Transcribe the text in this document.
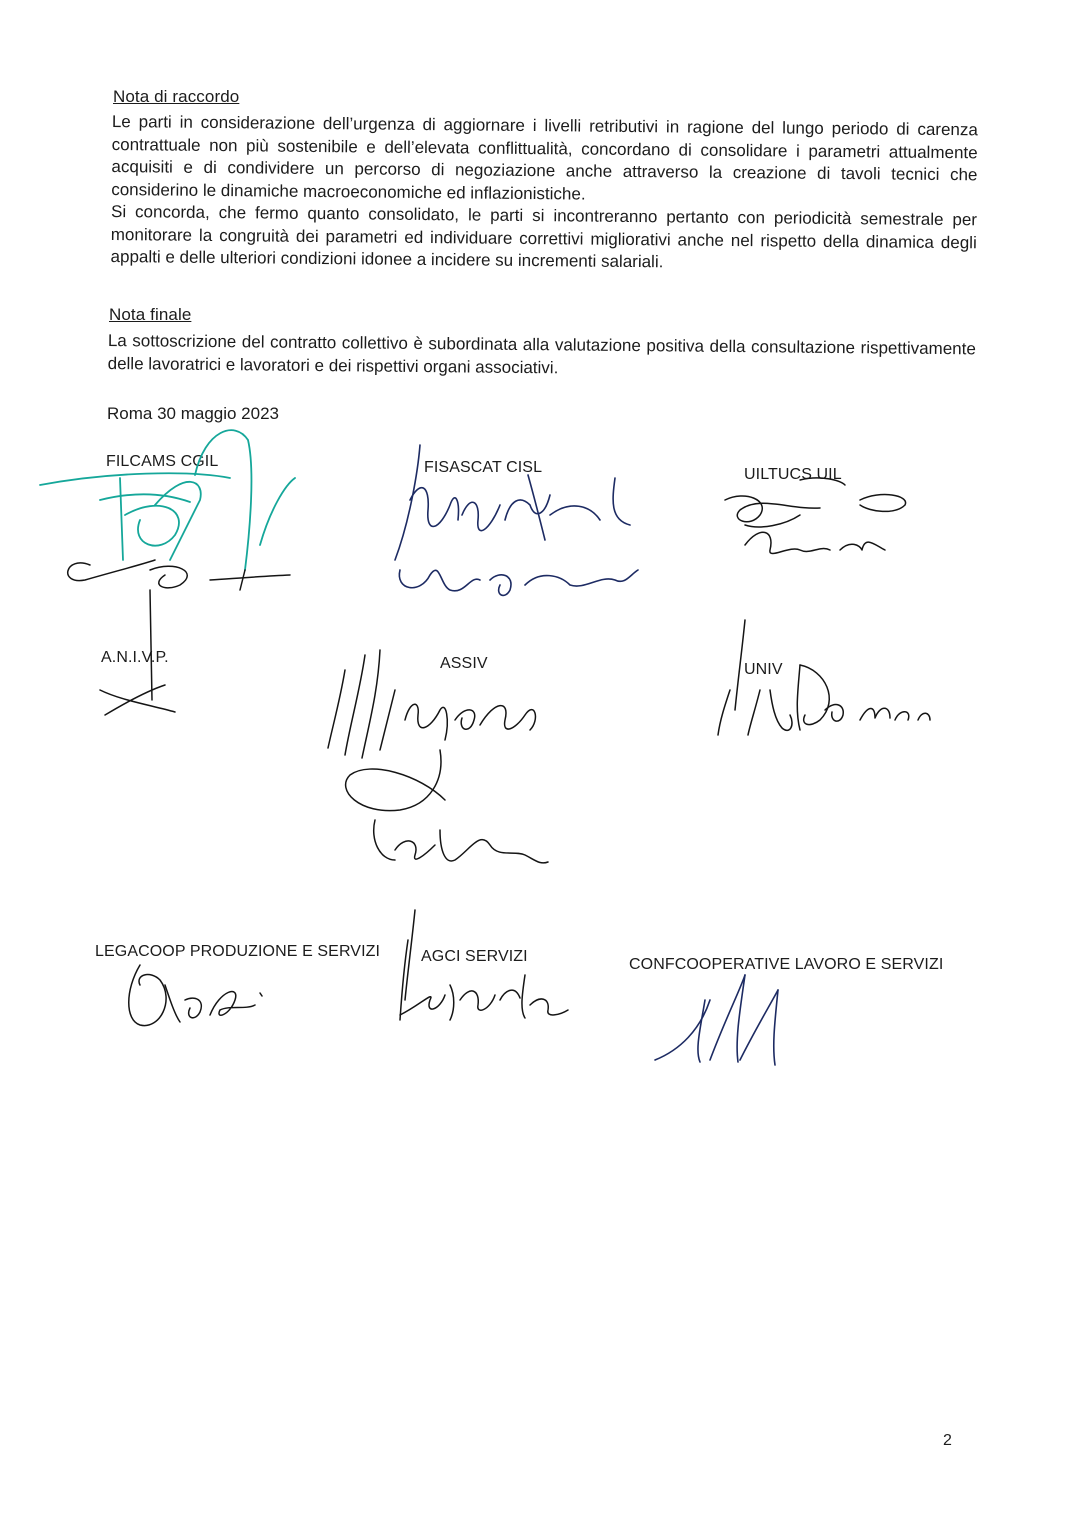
Nota di raccordo

Le parti in considerazione dell’urgenza di aggiornare i livelli retributivi in ragione del lungo periodo di carenza contrattuale non più sostenibile e dell’elevata conflittualità, concordano di consolidare i parametri attualmente acquisiti e di condividere un percorso di negoziazione anche attraverso la creazione di tavoli tecnici che considerino le dinamiche macroeconomiche ed inflazionistiche.

Si concorda, che fermo quanto consolidato, le parti si incontreranno pertanto con periodicità semestrale per monitorare la congruità dei parametri ed individuare correttivi migliorativi anche nel rispetto della dinamica degli appalti e delle ulteriori condizioni idonee a incidere su incrementi salariali.

Nota finale

La sottoscrizione del contratto collettivo è subordinata alla valutazione positiva della consultazione rispettivamente delle lavoratrici e lavoratori e dei rispettivi organi associativi.

Roma 30 maggio 2023
FILCAMS CGIL	FISASCAT CISL	UILTUCS UIL
A.N.I.V.P.	ASSIV	UNIV
LEGACOOP PRODUZIONE E SERVIZI	AGCI SERVIZI	CONFCOOPERATIVE LAVORO E SERVIZI
2
